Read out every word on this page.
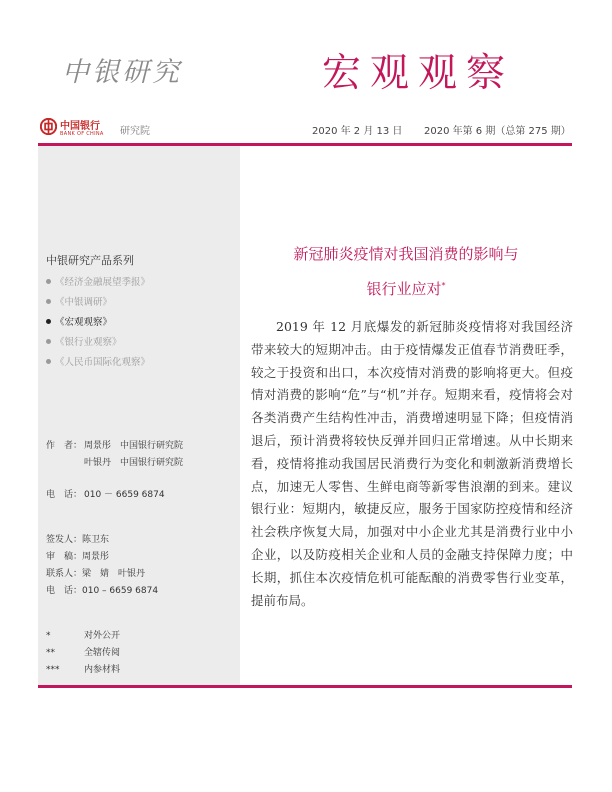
中银研究	宏观观察
中国银行
BANK OF CHINA 研究院	2020 年 2 月 13 日 2020 年第 6 期（总第 275 期）
中银研究产品系列
《经济金融展望季报》
《中银调研》
《宏观观察》
《银行业观察》
《人民币国际化观察》
作　者： 周景彤　中国银行研究院
叶银丹　中国银行研究院
电　话： 010 － 6659 6874
签发人：陈卫东
审　稿：周景彤
联系人：梁　婧　叶银丹
电　话：010 – 6659 6874
*	对外公开
**	全辖传阅
***	内参材料
新冠肺炎疫情对我国消费的影响与
银行业应对*

2019 年 12 月底爆发的新冠肺炎疫情将对我国经济带来较大的短期冲击。由于疫情爆发正值春节消费旺季，较之于投资和出口，本次疫情对消费的影响将更大。但疫情对消费的影响“危”与“机”并存。短期来看，疫情将会对各类消费产生结构性冲击，消费增速明显下降；但疫情消退后，预计消费将较快反弹并回归正常增速。从中长期来看，疫情将推动我国居民消费行为变化和刺激新消费增长点，加速无人零售、生鲜电商等新零售浪潮的到来。建议银行业：短期内，敏捷反应，服务于国家防控疫情和经济社会秩序恢复大局，加强对中小企业尤其是消费行业中小企业，以及防疫相关企业和人员的金融支持保障力度；中长期，抓住本次疫情危机可能酝酿的消费零售行业变革，提前布局。
